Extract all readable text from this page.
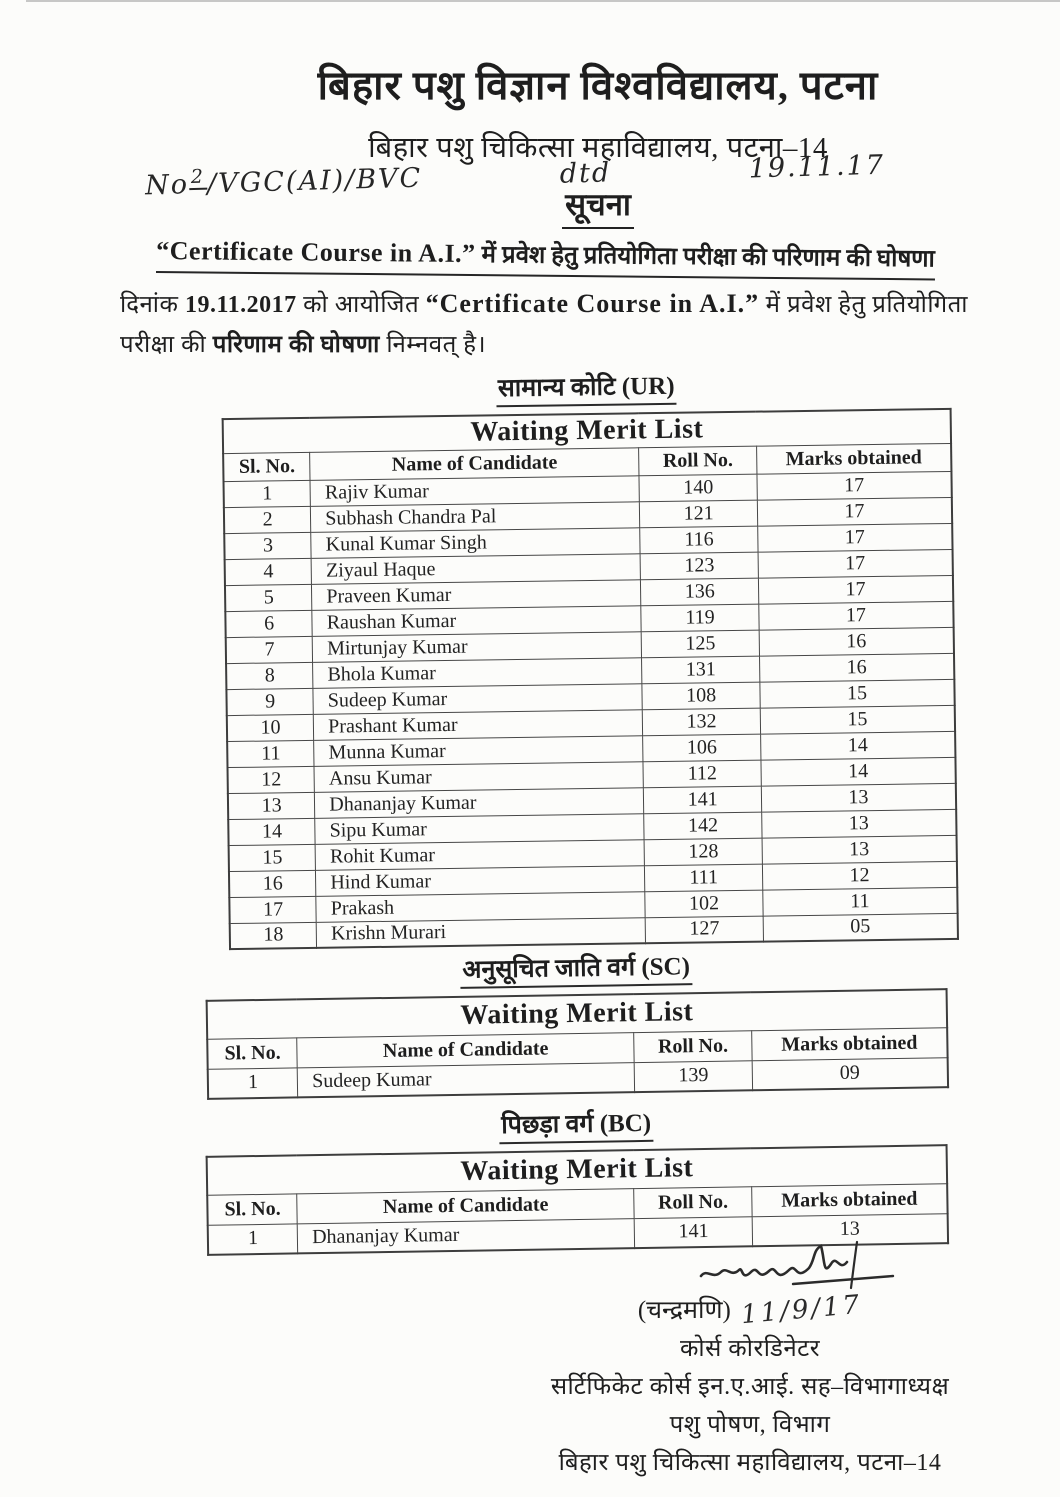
बिहार पशु विज्ञान विश्वविद्यालय, पटना
बिहार पशु चिकित्सा महाविद्यालय, पटना–14
No$^2$/VGC(AI)/BVC	dtd	19.11.17
सूचना
“Certificate Course in A.I.” में प्रवेश हेतु प्रतियोगिता परीक्षा की परिणाम की घोषणा
दिनांक 19.11.2017 को आयोजित “Certificate Course in A.I.” में प्रवेश हेतु प्रतियोगिता परीक्षा की परिणाम की घोषणा निम्नवत् है।
सामान्य कोटि (UR)
Waiting Merit List			
Sl. No.	Name of Candidate	Roll No.	Marks obtained
1	Rajiv Kumar	140	17
2	Subhash Chandra Pal	121	17
3	Kunal Kumar Singh	116	17
4	Ziyaul Haque	123	17
5	Praveen Kumar	136	17
6	Raushan Kumar	119	17
7	Mirtunjay Kumar	125	16
8	Bhola Kumar	131	16
9	Sudeep Kumar	108	15
10	Prashant Kumar	132	15
11	Munna Kumar	106	14
12	Ansu Kumar	112	14
13	Dhananjay Kumar	141	13
14	Sipu Kumar	142	13
15	Rohit Kumar	128	13
16	Hind Kumar	111	12
17	Prakash	102	11
18	Krishn Murari	127	05
अनुसूचित जाति वर्ग (SC)
Waiting Merit List			
Sl. No.	Name of Candidate	Roll No.	Marks obtained
1	Sudeep Kumar	139	09
पिछड़ा वर्ग (BC)
Waiting Merit List			
Sl. No.	Name of Candidate	Roll No.	Marks obtained
1	Dhananjay Kumar	141	13
(चन्द्रमणि) 11/9/17
कोर्स कोरडिनेटर
सर्टिफिकेट कोर्स इन.ए.आई. सह–विभागाध्यक्ष
पशु पोषण, विभाग
बिहार पशु चिकित्सा महाविद्यालय, पटना–14
